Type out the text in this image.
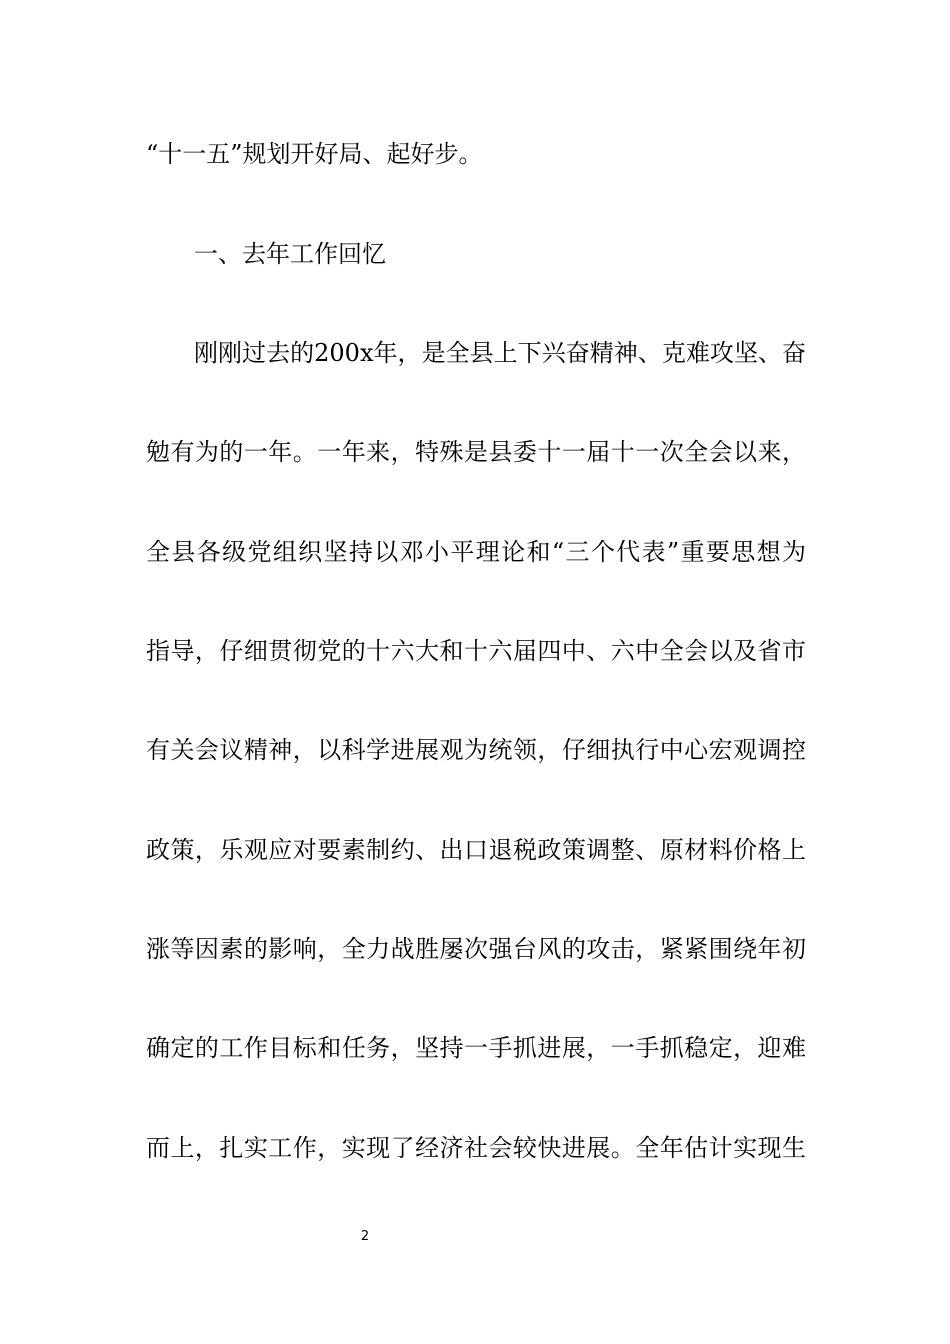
“十一五”规划开好局、起好步。
一、去年工作回忆
刚刚过去的200x年，是全县上下兴奋精神、克难攻坚、奋
勉有为的一年。一年来，特殊是县委十一届十一次全会以来，
全县各级党组织坚持以邓小平理论和“三个代表”重要思想为
指导，仔细贯彻党的十六大和十六届四中、六中全会以及省市
有关会议精神，以科学进展观为统领，仔细执行中心宏观调控
政策，乐观应对要素制约、出口退税政策调整、原材料价格上
涨等因素的影响，全力战胜屡次强台风的攻击，紧紧围绕年初
确定的工作目标和任务，坚持一手抓进展，一手抓稳定，迎难
而上，扎实工作，实现了经济社会较快进展。全年估计实现生
2
